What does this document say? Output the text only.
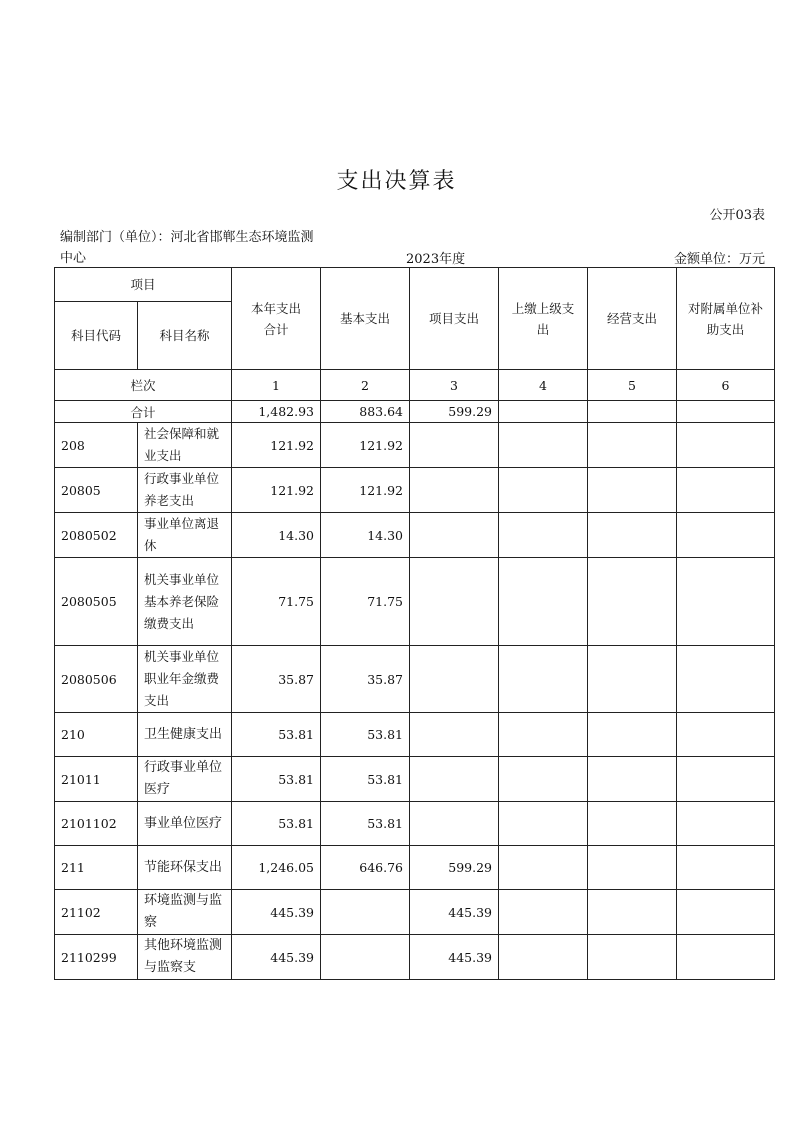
支出决算表
公开03表
编制部门（单位）：河北省邯郸生态环境监测
中心	2023年度	金额单位：万元
项目		本年支出合计	基本支出	项目支出	上缴上级支出	经营支出	对附属单位补助支出

科目代码	科目名称						
栏次		1	2	3	4	5	6
合计		1,482.93	883.64	599.29			
208	社会保障和就业支出	121.92	121.92				
20805	行政事业单位养老支出	121.92	121.92				
2080502	事业单位离退休	14.30	14.30				
2080505	机关事业单位基本养老保险缴费支出	71.75	71.75				
2080506	机关事业单位职业年金缴费支出	35.87	35.87				
210	卫生健康支出	53.81	53.81				
21011	行政事业单位医疗	53.81	53.81				
2101102	事业单位医疗	53.81	53.81				
211	节能环保支出	1,246.05	646.76	599.29			
21102	环境监测与监察	445.39		445.39			
2110299	其他环境监测与监察支	445.39		445.39			
